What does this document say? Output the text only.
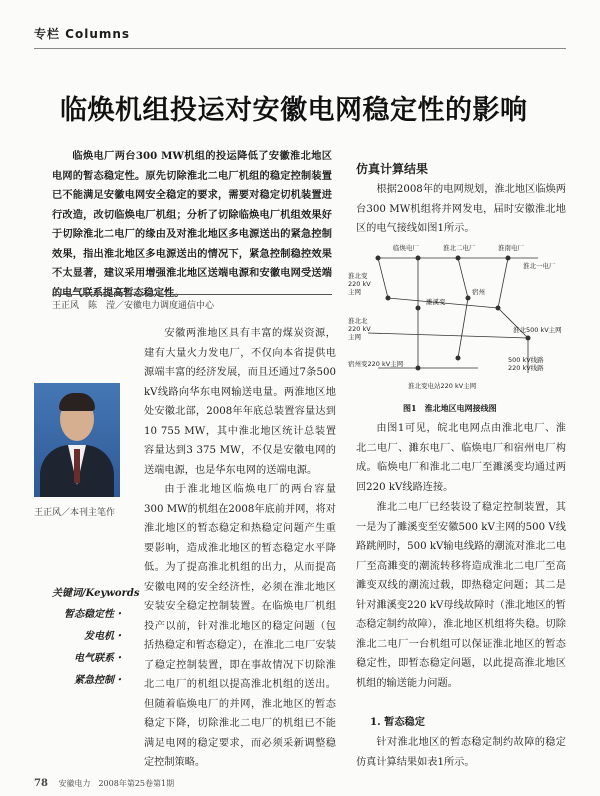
专栏 Columns
临焕机组投运对安徽电网稳定性的影响
临焕电厂两台300 MW机组的投运降低了安徽淮北地区电网的暂态稳定性。原先切除淮北二电厂机组的稳定控制装置已不能满足安徽电网安全稳定的要求，需要对稳定切机装置进行改造，改切临焕电厂机组；分析了切除临焕电厂机组效果好于切除淮北二电厂的缘由及对淮北地区多电源送出的紧急控制效果，指出淮北地区多电源送出的情况下，紧急控制稳控效果不太显著，建议采用增强淮北地区送端电源和安徽电网受送端的电气联系提高暂态稳定性。
王正风　陈　滢／安徽电力调度通信中心
王正风／本刊主笔作
关键词/Keywords
暂态稳定性・
发电机・
电气联系・
紧急控制・
安徽两淮地区具有丰富的煤炭资源，建有大量火力发电厂，不仅向本省提供电源端丰富的经济发展，而且还通过7条500 kV线路向华东电网输送电量。两淮地区地处安徽北部，2008年年底总装置容量达到10 755 MW，其中淮北地区统计总装置容量达到3 375 MW，不仅是安徽电网的送端电源，也是华东电网的送端电源。
由于淮北地区临焕电厂的两台容量300 MW的机组在2008年底前并网，将对淮北地区的暂态稳定和热稳定问题产生重要影响，造成淮北地区的暂态稳定水平降低。为了提高淮北机组的出力，从而提高安徽电网的安全经济性，必须在淮北地区安装安全稳定控制装置。在临焕电厂机组投产以前，针对淮北地区的稳定问题（包括热稳定和暂态稳定），在淮北二电厂安装了稳定控制装置，即在事故情况下切除淮北二电厂的机组以提高淮北机组的送出。但随着临焕电厂的并网，淮北地区的暂态稳定下降，切除淮北二电厂的机组已不能满足电网的稳定要求，而必须采新调整稳定控制策略。
仿真计算结果
根据2008年的电网规划，淮北地区临焕两台300 MW机组将并网发电，届时安徽淮北地区的电气接线如图1所示。
临焕电厂	淮北二电厂	淮南电厂
淮北一电厂
濉溪变
宿州
淮北变 220 kV 主网
淮北北 220 kV 主网
宿州变220 kV主网
淮北500 kV主网
500 kV线路 220 kV线路
淮北变电站220 kV主网
图1　淮北地区电网接线图
由图1可见，皖北电网点由淮北电厂、淮北二电厂、濉东电厂、临焕电厂和宿州电厂构成。临焕电厂和淮北二电厂至濉溪变均通过两回220 kV线路连接。
淮北二电厂已经装设了稳定控制装置，其一是为了濉溪变至安徽500 kV主网的500 V线路跳闸时，500 kV输电线路的潮流对淮北二电厂至高濉变的潮流转移将造成淮北二电厂至高濉变双线的潮流过载，即热稳定问题；其二是针对濉溪变220 kV母线故障时（淮北地区的暂态稳定制约故障），淮北地区机组将失稳。切除淮北二电厂一台机组可以保证淮北地区的暂态稳定性，即暂态稳定问题，以此提高淮北地区机组的输送能力问题。
1. 暂态稳定
针对淮北地区的暂态稳定制约故障的稳定仿真计算结果如表1所示。
78 安徽电力　2008年第25卷第1期
